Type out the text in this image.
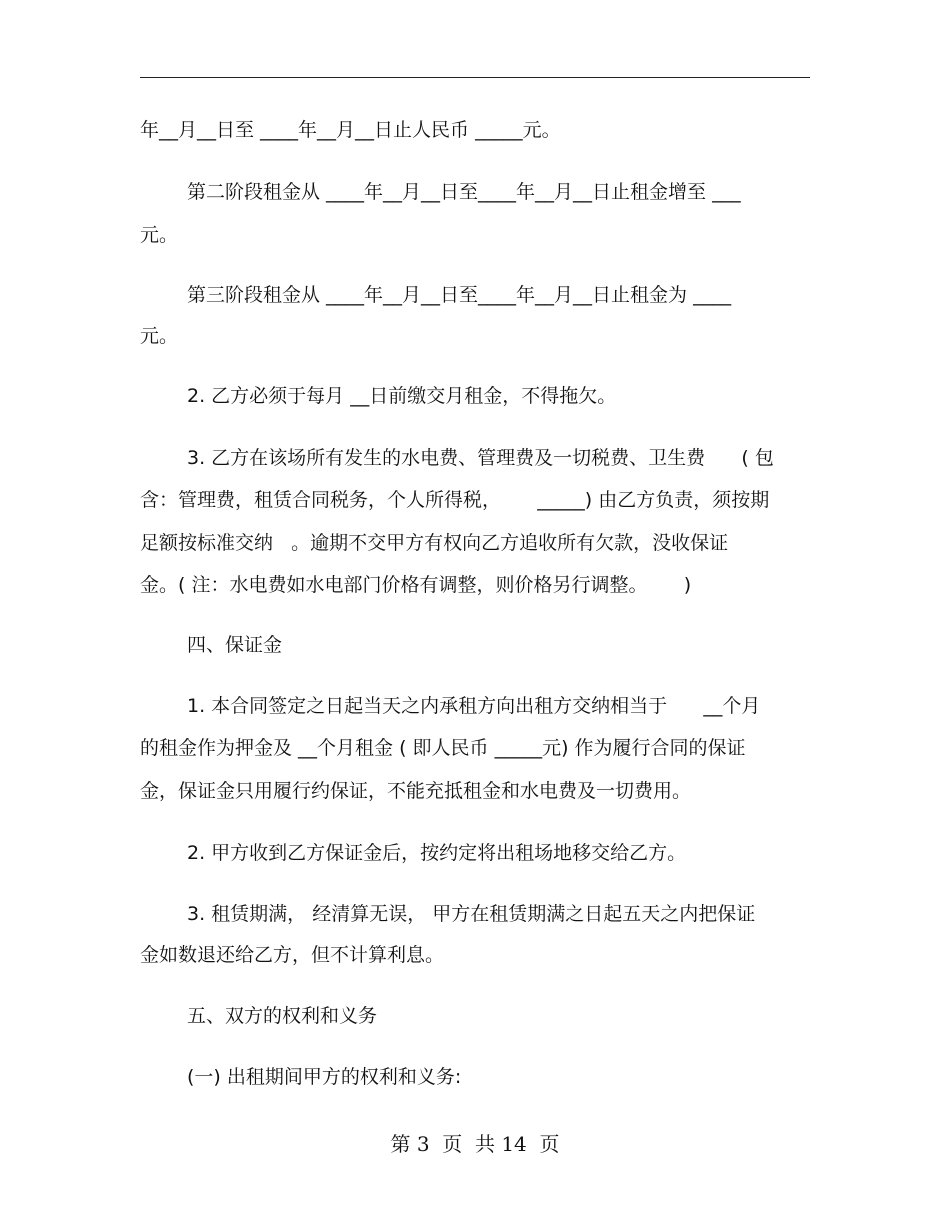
年__月__日至 ____年__月__日止人民币 _____元。
第二阶段租金从 ____年__月__日至____年__月__日止租金增至 ___
元。
第三阶段租金从 ____年__月__日至____年__月__日止租金为 ____
元。
2. 乙方必须于每月 __日前缴交月租金，不得拖欠。
3. 乙方在该场所有发生的水电费、管理费及一切税费、卫生费      ( 包
含：管理费，租赁合同税务，个人所得税，      _____) 由乙方负责，须按期
足额按标准交纳   。逾期不交甲方有权向乙方追收所有欠款，没收保证
金。( 注：水电费如水电部门价格有调整，则价格另行调整。      )
四、保证金
1. 本合同签定之日起当天之内承租方向出租方交纳相当于      __个月
的租金作为押金及 __个月租金 ( 即人民币 _____元) 作为履行合同的保证
金，保证金只用履行约保证，不能充抵租金和水电费及一切费用。
2. 甲方收到乙方保证金后，按约定将出租场地移交给乙方。
3. 租赁期满， 经清算无误， 甲方在租赁期满之日起五天之内把保证
金如数退还给乙方，但不计算利息。
五、双方的权利和义务
(一) 出租期间甲方的权利和义务:
第 3  页  共 14  页
